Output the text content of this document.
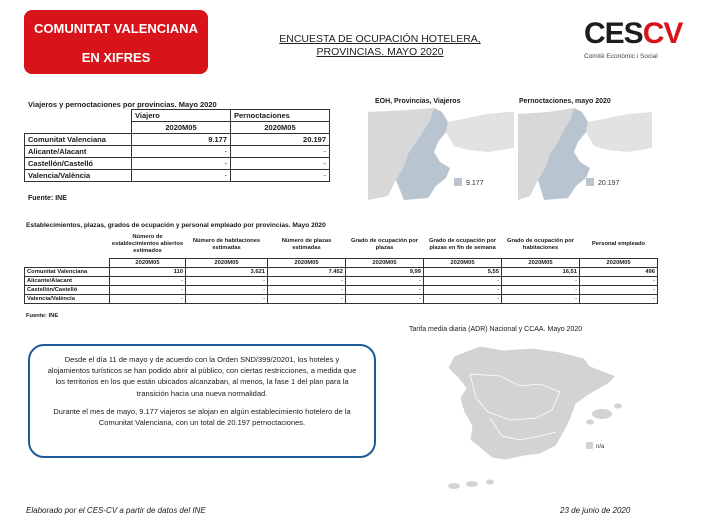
COMUNITAT VALENCIANA
EN XIFRES
ENCUESTA DE OCUPACIÓN HOTELERA,
PROVINCIAS. MAYO 2020
CESCV
Comitè Econòmic i Social
Viajeros y pernoctaciones por provincias. Mayo 2020
	Viajero	Pernoctaciones
	2020M05	2020M05
Comunitat Valenciana	9.177	20.197
Alicante/Alacant	-	-
Castellón/Castelló	-	-
Valencia/València	-	-
Fuente: INE
EOH, Provincias, Viajeros
9.177
Pernoctaciones, mayo 2020
20.197
Establecimientos, plazas, grados de ocupación y personal empleado por provincias. Mayo 2020
	Número de establecimientos abiertos estimados	Número de habitaciones estimadas	Número de plazas estimadas	Grado de ocupación por plazas	Grado de ocupación por plazas en fin de semana	Grado de ocupación por habitaciones	Personal empleado
	2020M05	2020M05	2020M05	2020M05	2020M05	2020M05	2020M05
Comunitat Valenciana	110	3.621	7.452	9,99	5,55	16,51	496
Alicante/Alacant	-	-	-	-	-	-	-
Castellón/Castelló	-	-	-	-	-	-	-
Valencia/València	-	-	-	-	-	-	-
Fuente: INE

Desde el día 11 de mayo y de acuerdo con la Orden SND/399/20201, los hoteles y alojamientos turísticos se han podido abrir al público, con ciertas restricciones, a medida que los territorios en los que están ubicados alcanzaban, al menos, la fase 1 del plan para la transición hacia una nueva normalidad.

Durante el mes de mayo, 9.177 viajeros se alojan en algún establecimiento hotelero de la Comunitat Valenciana, con un total de 20.197 pernoctaciones.

Tarifa media diaria (ADR) Nacional y CCAA. Mayo 2020
n/a
Elaborado por el CES-CV a partir de datos del INE	23 de junio de 2020
